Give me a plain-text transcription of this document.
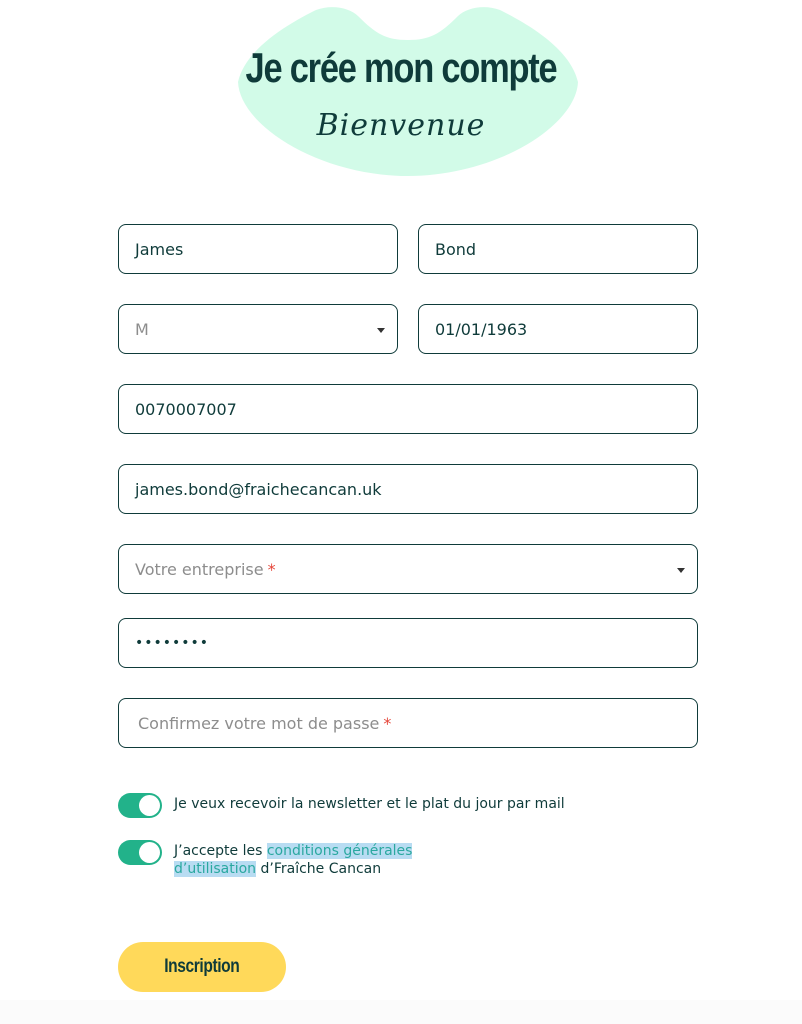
Je crée mon compte
Bienvenue
James	Bond
M	01/01/1963
0070007007
james.bond@fraichecancan.uk
Votre entreprise *
••••••••
Confirmez votre mot de passe *
Je veux recevoir la newsletter et le plat du jour par mail
J’accepte les conditions générales
d’utilisation d’Fraîche Cancan
Inscription
